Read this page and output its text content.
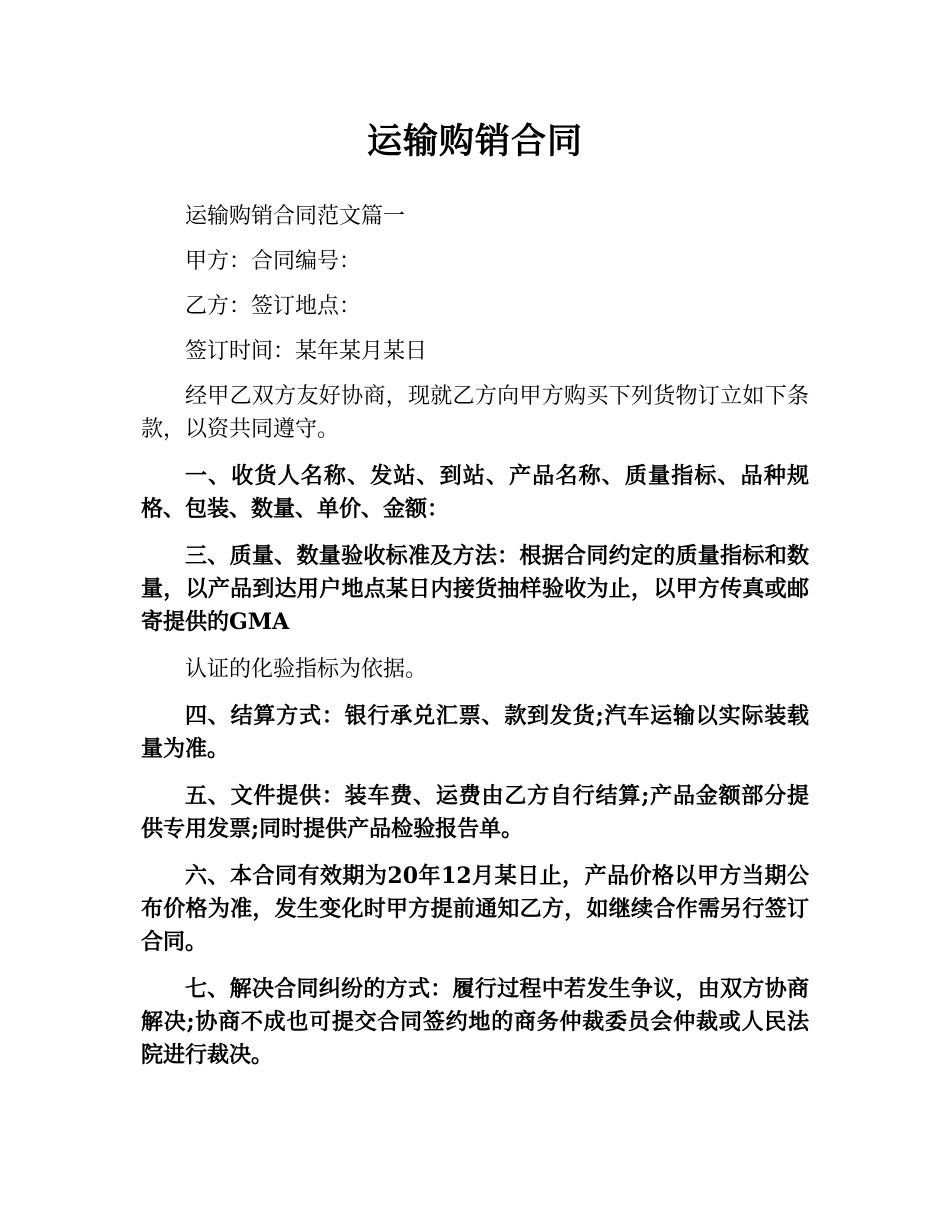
运输购销合同

运输购销合同范文篇一

甲方：合同编号：

乙方：签订地点：

签订时间：某年某月某日

经甲乙双方友好协商，现就乙方向甲方购买下列货物订立如下条款，以资共同遵守。

一、收货人名称、发站、到站、产品名称、质量指标、品种规格、包装、数量、单价、金额：

三、质量、数量验收标准及方法：根据合同约定的质量指标和数量，以产品到达用户地点某日内接货抽样验收为止，以甲方传真或邮寄提供的GMA

认证的化验指标为依据。

四、结算方式：银行承兑汇票、款到发货;汽车运输以实际装载量为准。

五、文件提供：装车费、运费由乙方自行结算;产品金额部分提供专用发票;同时提供产品检验报告单。

六、本合同有效期为20年12月某日止，产品价格以甲方当期公布价格为准，发生变化时甲方提前通知乙方，如继续合作需另行签订合同。

七、解决合同纠纷的方式：履行过程中若发生争议，由双方协商解决;协商不成也可提交合同签约地的商务仲裁委员会仲裁或人民法院进行裁决。
